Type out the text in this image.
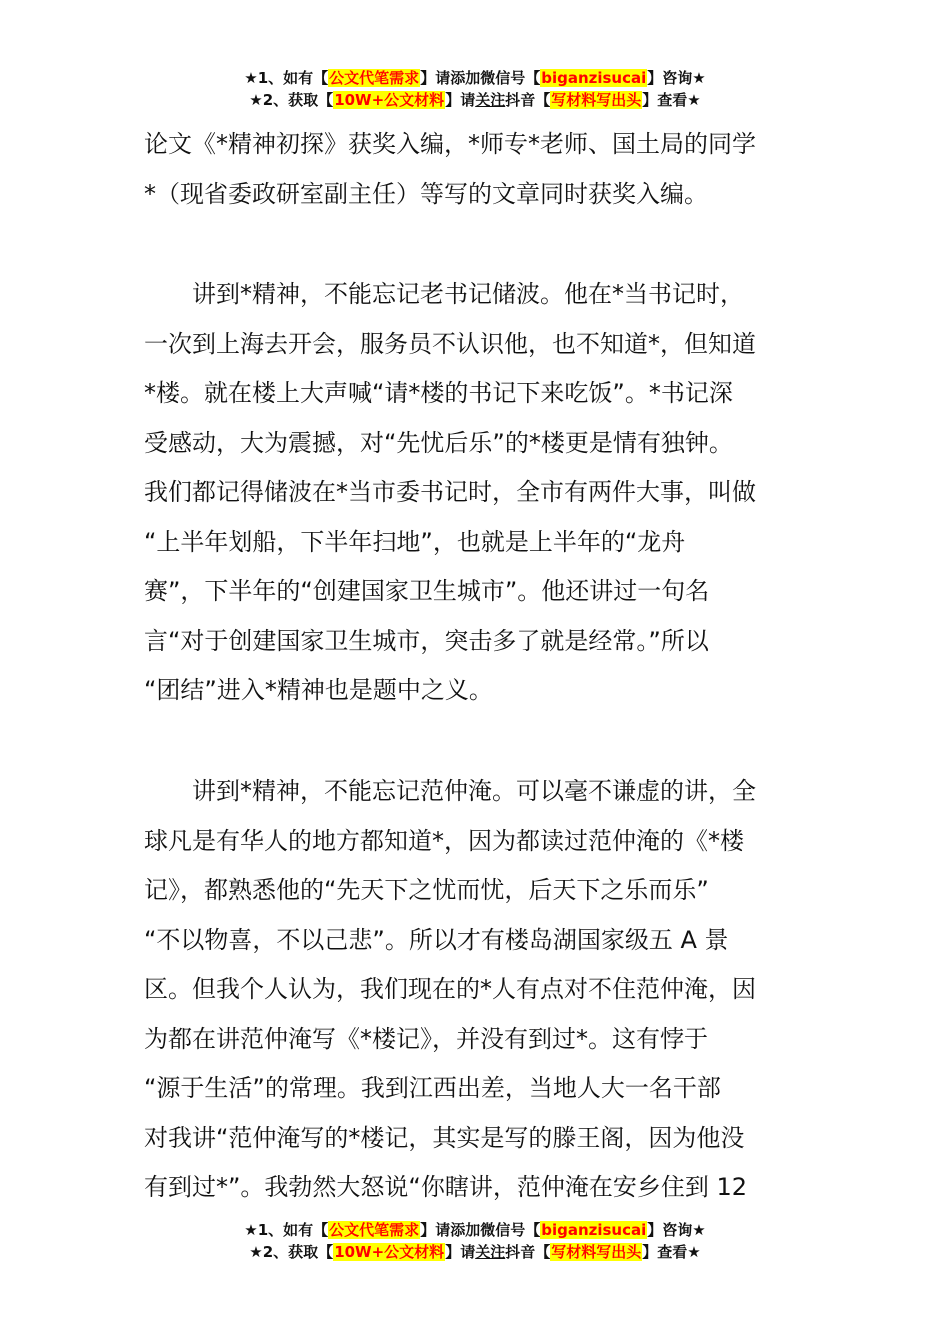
★1、如有【公文代笔需求】请添加微信号【biganzisucai】咨询★
★2、获取【10W+公文材料】请关注抖音【写材料写出头】查看★
论文《*精神初探》获奖入编，*师专*老师、国土局的同学
*（现省委政研室副主任）等写的文章同时获奖入编。
　　讲到*精神，不能忘记老书记储波。他在*当书记时，
一次到上海去开会，服务员不认识他，也不知道*，但知道
*楼。就在楼上大声喊“请*楼的书记下来吃饭”。*书记深
受感动，大为震撼，对“先忧后乐”的*楼更是情有独钟。
我们都记得储波在*当市委书记时，全市有两件大事，叫做
“上半年划船，下半年扫地”，也就是上半年的“龙舟
赛”，下半年的“创建国家卫生城市”。他还讲过一句名
言“对于创建国家卫生城市，突击多了就是经常。”所以
“团结”进入*精神也是题中之义。
　　讲到*精神，不能忘记范仲淹。可以毫不谦虚的讲，全
球凡是有华人的地方都知道*，因为都读过范仲淹的《*楼
记》，都熟悉他的“先天下之忧而忧，后天下之乐而乐”
“不以物喜，不以己悲”。所以才有楼岛湖国家级五 A 景
区。但我个人认为，我们现在的*人有点对不住范仲淹，因
为都在讲范仲淹写《*楼记》，并没有到过*。这有悖于
“源于生活”的常理。我到江西出差，当地人大一名干部
对我讲“范仲淹写的*楼记，其实是写的滕王阁，因为他没
有到过*”。我勃然大怒说“你瞎讲，范仲淹在安乡住到 12
★1、如有【公文代笔需求】请添加微信号【biganzisucai】咨询★
★2、获取【10W+公文材料】请关注抖音【写材料写出头】查看★
